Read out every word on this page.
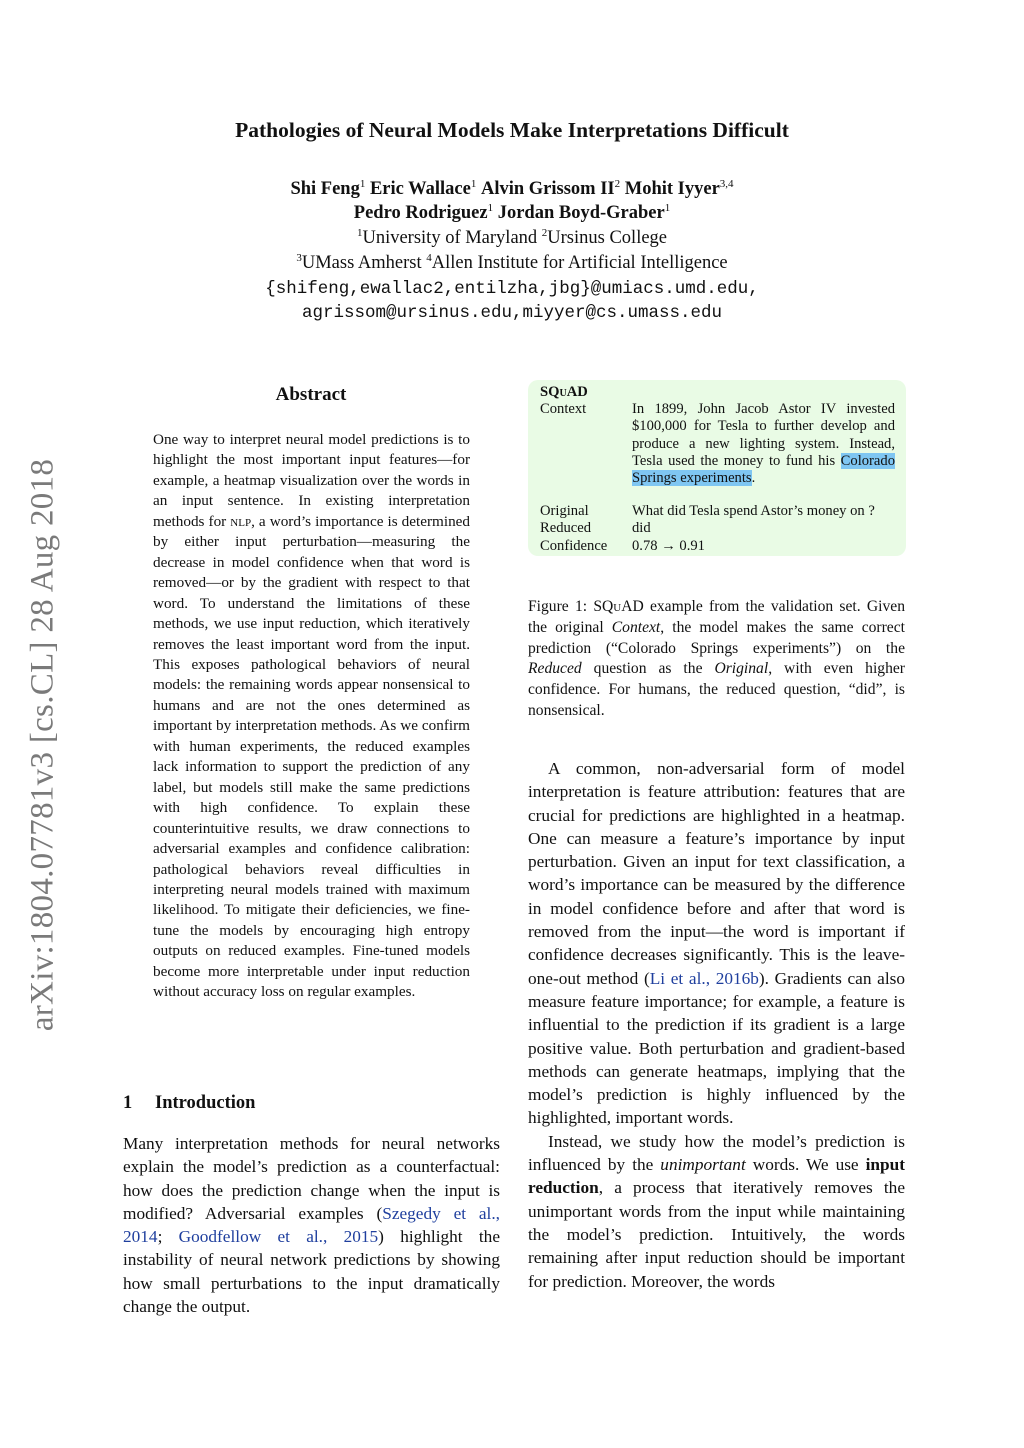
Pathologies of Neural Models Make Interpretations Difficult
Shi Feng$^1$ Eric Wallace$^1$ Alvin Grissom $II^2$ Mohit Iyyer$^{3,4}$
Pedro Rodriguez$^1$ Jordan Boyd-Graber$^1$
$^1$University of Maryland $^2$Ursinus College
$^3$UMass Amherst $^4$Allen Institute for Artificial Intelligence
{shifeng,ewallac2,entilzha,jbg}@umiacs.umd.edu,
agrissom@ursinus.edu,miyyer@cs.umass.edu
arXiv:1804.07781v3 [cs.CL] 28 Aug 2018
Abstract
One way to interpret neural model predictions is to highlight the most important input features—for example, a heatmap visualization over the words in an input sentence. In existing interpretation methods for nlp, a word’s importance is determined by either input perturbation—measuring the decrease in model confidence when that word is removed—or by the gradient with respect to that word. To understand the limitations of these methods, we use input reduction, which iteratively removes the least important word from the input. This exposes pathological behaviors of neural models: the remaining words appear nonsensical to humans and are not the ones determined as important by interpretation methods. As we confirm with human experiments, the reduced examples lack information to support the prediction of any label, but models still make the same predictions with high confidence. To explain these counterintuitive results, we draw connections to adversarial examples and confidence calibration: pathological behaviors reveal difficulties in interpreting neural models trained with maximum likelihood. To mitigate their deficiencies, we fine-tune the models by encouraging high entropy outputs on reduced examples. Fine-tuned models become more interpretable under input reduction without accuracy loss on regular examples.
1 Introduction

Many interpretation methods for neural networks explain the model’s prediction as a counterfactual: how does the prediction change when the input is modified? Adversarial examples (Szegedy et al., 2014; Goodfellow et al., 2015) highlight the instability of neural network predictions by showing how small perturbations to the input dramatically change the output.

SQuAD
Context	In 1899, John Jacob Astor IV invested $100,000 for Tesla to further develop and produce a new lighting system. Instead, Tesla used the money to fund his Colorado Springs experiments.
Original	What did Tesla spend Astor’s money on ?
Reduced	did
Confidence	0.78 → 0.91
Figure 1: SQuAD example from the validation set. Given the original Context, the model makes the same correct prediction (“Colorado Springs experiments”) on the Reduced question as the Original, with even higher confidence. For humans, the reduced question, “did”, is nonsensical.

A common, non-adversarial form of model interpretation is feature attribution: features that are crucial for predictions are highlighted in a heatmap. One can measure a feature’s importance by input perturbation. Given an input for text classification, a word’s importance can be measured by the difference in model confidence before and after that word is removed from the input—the word is important if confidence decreases significantly. This is the leave-one-out method (Li et al., 2016b). Gradients can also measure feature importance; for example, a feature is influential to the prediction if its gradient is a large positive value. Both perturbation and gradient-based methods can generate heatmaps, implying that the model’s prediction is highly influenced by the highlighted, important words.

Instead, we study how the model’s prediction is influenced by the unimportant words. We use input reduction, a process that iteratively removes the unimportant words from the input while maintaining the model’s prediction. Intuitively, the words remaining after input reduction should be important for prediction. Moreover, the words
